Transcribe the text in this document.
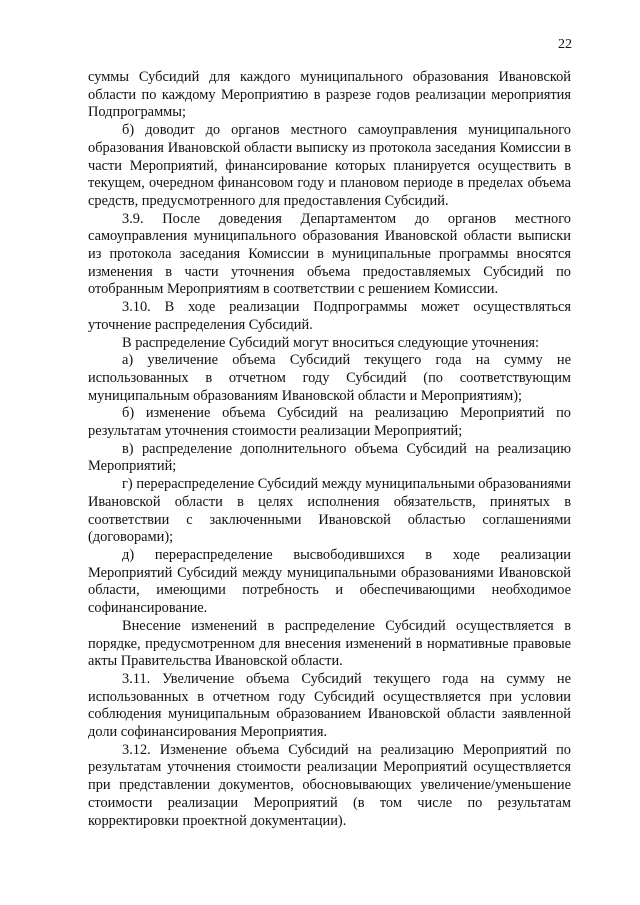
22

суммы Субсидий для каждого муниципального образования Ивановской области по каждому Мероприятию в разрезе годов реализации мероприятия Подпрограммы;

б) доводит до органов местного самоуправления муниципального образования Ивановской области выписку из протокола заседания Комиссии в части Мероприятий, финансирование которых планируется осуществить в текущем, очередном финансовом году и плановом периоде в пределах объема средств, предусмотренного для предоставления Субсидий.

3.9. После доведения Департаментом до органов местного самоуправления муниципального образования Ивановской области выписки из протокола заседания Комиссии в муниципальные программы вносятся изменения в части уточнения объема предоставляемых Субсидий по отобранным Мероприятиям в соответствии с решением Комиссии.

3.10. В ходе реализации Подпрограммы может осуществляться уточнение распределения Субсидий.

В распределение Субсидий могут вноситься следующие уточнения:

а) увеличение объема Субсидий текущего года на сумму не использованных в отчетном году Субсидий (по соответствующим муниципальным образованиям Ивановской области и Мероприятиям);

б) изменение объема Субсидий на реализацию Мероприятий по результатам уточнения стоимости реализации Мероприятий;

в) распределение дополнительного объема Субсидий на реализацию Мероприятий;

г) перераспределение Субсидий между муниципальными образованиями Ивановской области в целях исполнения обязательств, принятых в соответствии с заключенными Ивановской областью соглашениями (договорами);

д) перераспределение высвободившихся в ходе реализации Мероприятий Субсидий между муниципальными образованиями Ивановской области, имеющими потребность и обеспечивающими необходимое софинансирование.

Внесение изменений в распределение Субсидий осуществляется в порядке, предусмотренном для внесения изменений в нормативные правовые акты Правительства Ивановской области.

3.11. Увеличение объема Субсидий текущего года на сумму не использованных в отчетном году Субсидий осуществляется при условии соблюдения муниципальным образованием Ивановской области заявленной доли софинансирования Мероприятия.

3.12. Изменение объема Субсидий на реализацию Мероприятий по результатам уточнения стоимости реализации Мероприятий осуществляется при представлении документов, обосновывающих увеличение/уменьшение стоимости реализации Мероприятий (в том числе по результатам корректировки проектной документации).
